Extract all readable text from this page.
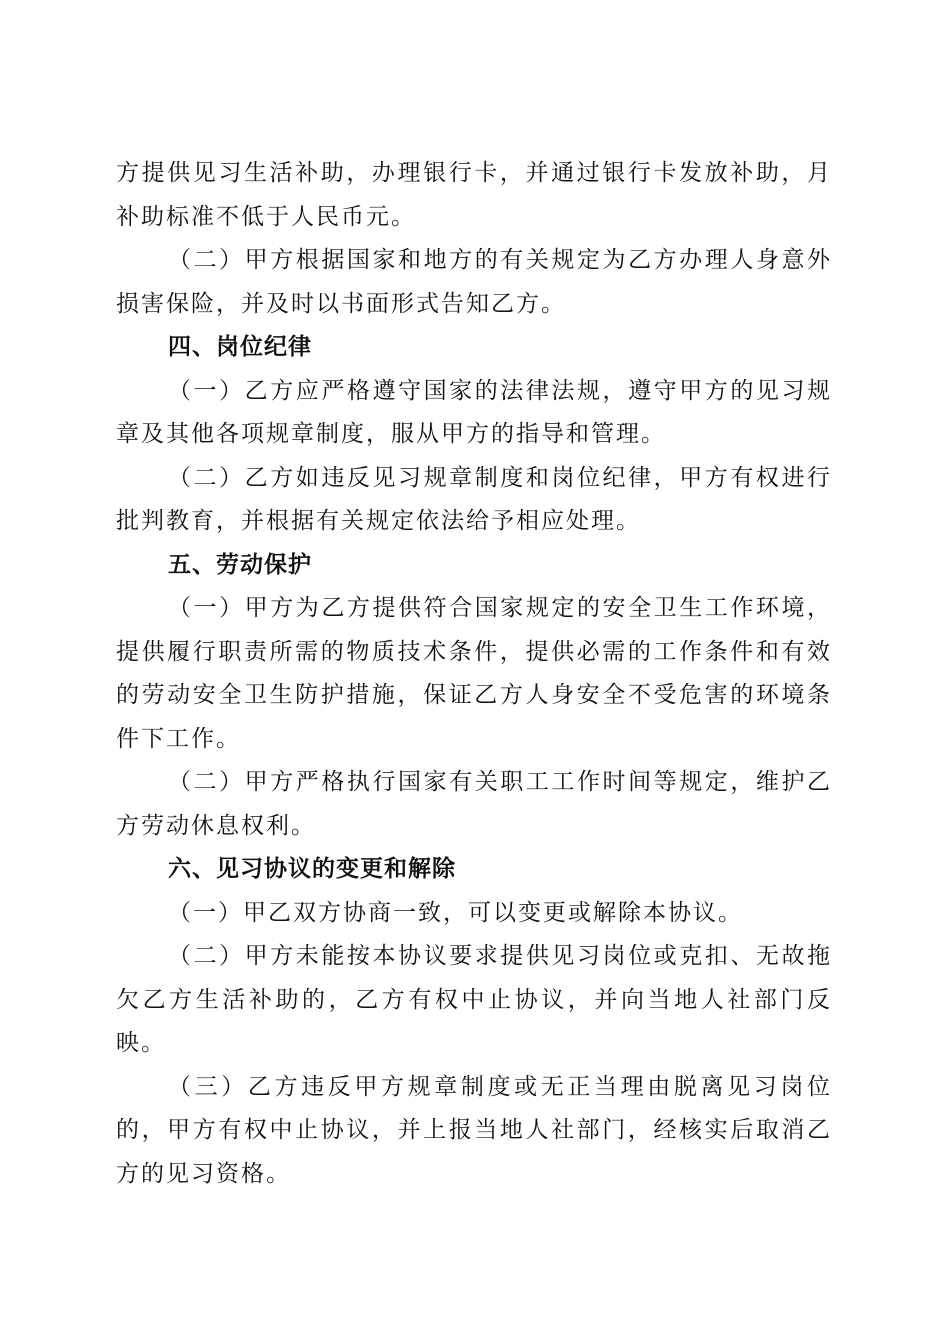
方提供见习生活补助，办理银行卡，并通过银行卡发放补助，月补助标准不低于人民币元。

（二）甲方根据国家和地方的有关规定为乙方办理人身意外损害保险，并及时以书面形式告知乙方。

四、岗位纪律

（一）乙方应严格遵守国家的法律法规，遵守甲方的见习规章及其他各项规章制度，服从甲方的指导和管理。

（二）乙方如违反见习规章制度和岗位纪律，甲方有权进行批判教育，并根据有关规定依法给予相应处理。

五、劳动保护

（一）甲方为乙方提供符合国家规定的安全卫生工作环境，提供履行职责所需的物质技术条件，提供必需的工作条件和有效的劳动安全卫生防护措施，保证乙方人身安全不受危害的环境条件下工作。

（二）甲方严格执行国家有关职工工作时间等规定，维护乙方劳动休息权利。

六、见习协议的变更和解除

（一）甲乙双方协商一致，可以变更或解除本协议。

（二）甲方未能按本协议要求提供见习岗位或克扣、无故拖欠乙方生活补助的，乙方有权中止协议，并向当地人社部门反映。

（三）乙方违反甲方规章制度或无正当理由脱离见习岗位的，甲方有权中止协议，并上报当地人社部门，经核实后取消乙方的见习资格。
